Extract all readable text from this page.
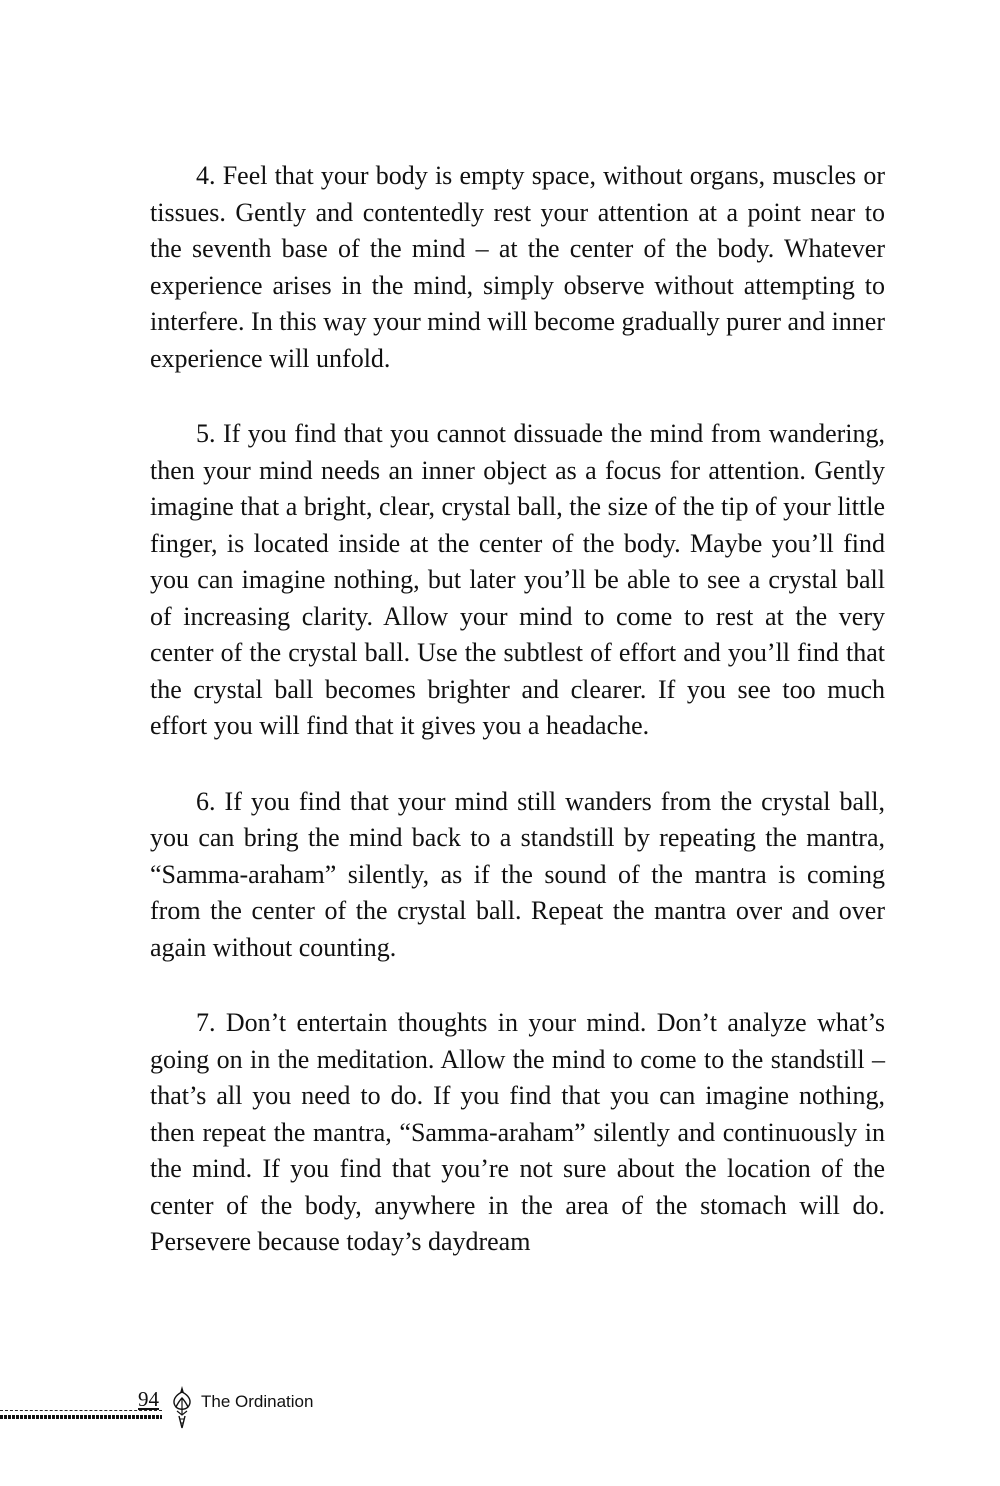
4. Feel that your body is empty space, without organs, muscles or tissues. Gently and contentedly rest your attention at a point near to the seventh base of the mind – at the center of the body. Whatever experience arises in the mind, simply observe without attempting to interfere. In this way your mind will become gradually purer and inner experience will unfold.

5. If you find that you cannot dissuade the mind from wandering, then your mind needs an inner object as a focus for attention. Gently imagine that a bright, clear, crystal ball, the size of the tip of your little finger, is located inside at the center of the body. Maybe you’ll find you can imagine nothing, but later you’ll be able to see a crystal ball of increasing clarity. Allow your mind to come to rest at the very center of the crystal ball. Use the subtlest of effort and you’ll find that the crystal ball becomes brighter and clearer. If you see too much effort you will find that it gives you a headache.

6. If you find that your mind still wanders from the crystal ball, you can bring the mind back to a standstill by repeating the mantra, “Samma-araham” silently, as if the sound of the mantra is coming from the center of the crystal ball. Repeat the mantra over and over again without counting.

7. Don’t entertain thoughts in your mind. Don’t analyze what’s going on in the meditation. Allow the mind to come to the standstill – that’s all you need to do. If you find that you can imagine nothing, then repeat the mantra, “Samma-araham” silently and continuously in the mind. If you find that you’re not sure about the location of the center of the body, anywhere in the area of the stomach will do. Persevere because today’s daydream

94 The Ordination
